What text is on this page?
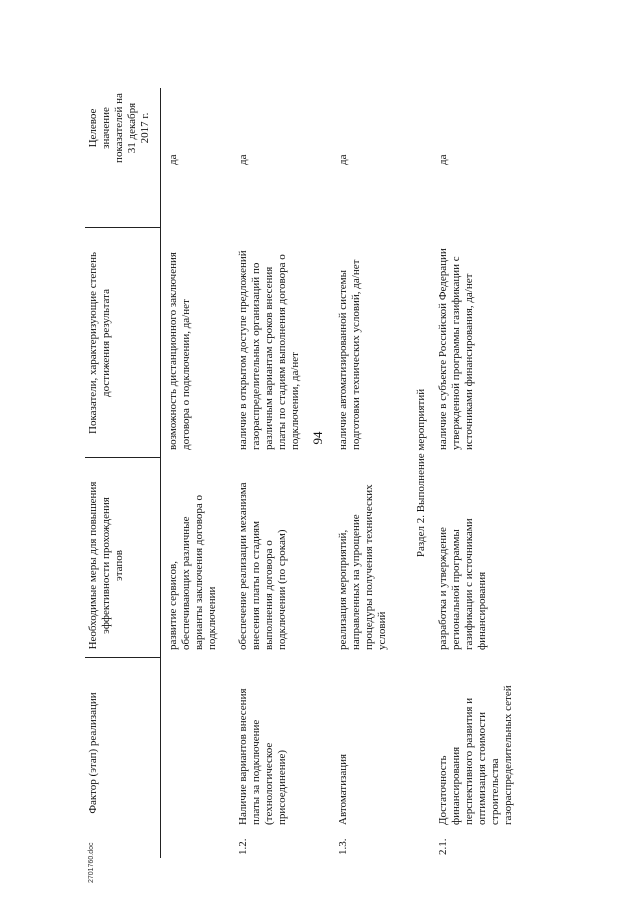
94
2701760.doc
Фактор (этап) реализации
Необходимые меры для повышения эффективности прохождения этапов
Показатели, характеризующие степень достижения результата
Целевое значение показателей на 31 декабря 2017 г.
развитие сервисов, обеспечивающих различные варианты заключения договора о подключении
возможность дистанционного заключения договора о подключении, да/нет
да
1.2.
Наличие вариантов внесения платы за подключение (технологическое присоединение)
обеспечение реализации механизма внесения платы по стадиям выполнения договора о подключении (по срокам)
наличие в открытом доступе предложений газораспределительных организаций по различным вариантам сроков внесения платы по стадиям выполнения договора о подключении, да/нет
да
1.3.
Автоматизация
реализация мероприятий, направленных на упрощение процедуры получения технических условий
наличие автоматизированной системы подготовки технических условий, да/нет
да
Раздел 2. Выполнение мероприятий
2.1.
Достаточность финансирования перспективного развития и оптимизация стоимости строительства газораспределительных сетей
разработка и утверждение региональной программы газификации с источниками финансирования
наличие в субъекте Российской Федерации утвержденной программы газификации с источниками финансирования, да/нет
да
